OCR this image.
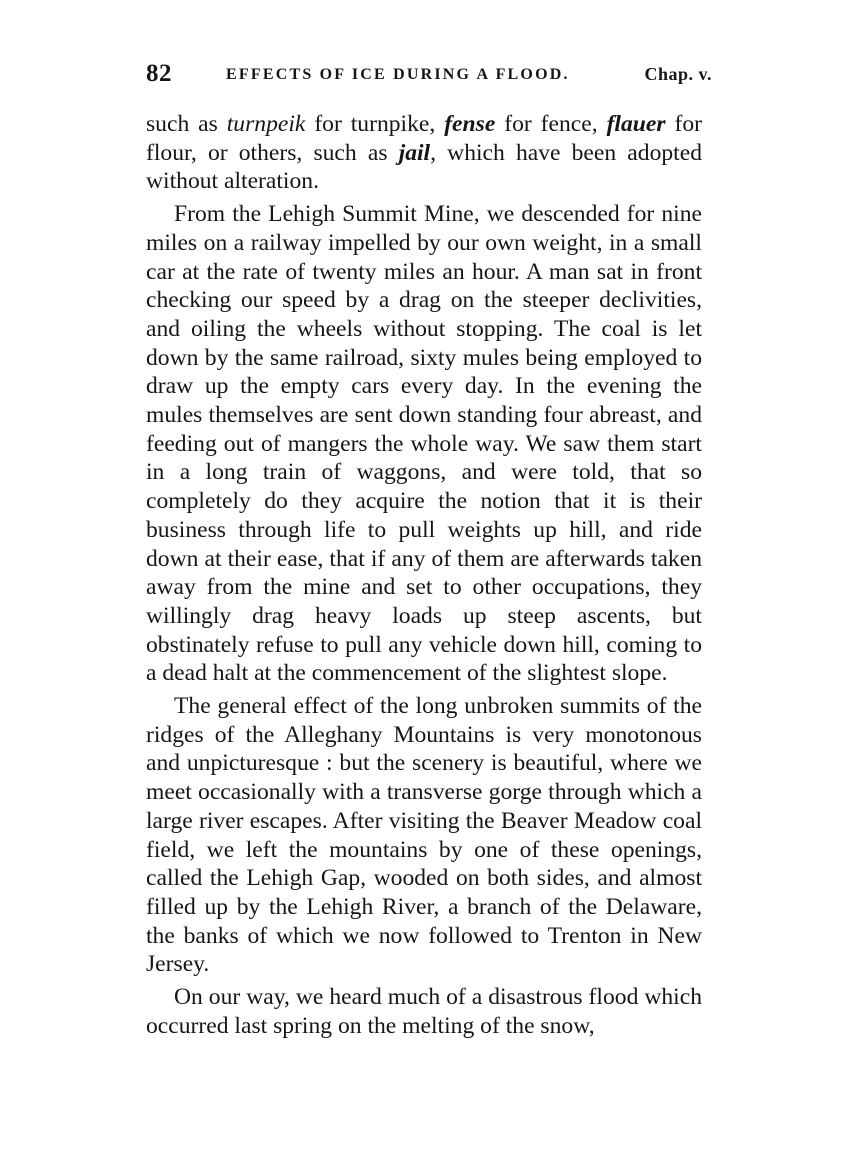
82	EFFECTS OF ICE DURING A FLOOD.	Chap. v.

such as turnpeik for turnpike, fense for fence, flauer for flour, or others, such as jail, which have been adopted without alteration.

From the Lehigh Summit Mine, we descended for nine miles on a railway impelled by our own weight, in a small car at the rate of twenty miles an hour. A man sat in front checking our speed by a drag on the steeper declivities, and oiling the wheels without stopping. The coal is let down by the same railroad, sixty mules being employed to draw up the empty cars every day. In the evening the mules themselves are sent down standing four abreast, and feeding out of mangers the whole way. We saw them start in a long train of waggons, and were told, that so completely do they acquire the notion that it is their business through life to pull weights up hill, and ride down at their ease, that if any of them are afterwards taken away from the mine and set to other occupations, they willingly drag heavy loads up steep ascents, but obstinately refuse to pull any vehicle down hill, coming to a dead halt at the commencement of the slightest slope.

The general effect of the long unbroken summits of the ridges of the Alleghany Mountains is very monotonous and unpicturesque : but the scenery is beautiful, where we meet occasionally with a transverse gorge through which a large river escapes. After visiting the Beaver Meadow coal field, we left the mountains by one of these openings, called the Lehigh Gap, wooded on both sides, and almost filled up by the Lehigh River, a branch of the Delaware, the banks of which we now followed to Trenton in New Jersey.

On our way, we heard much of a disastrous flood which occurred last spring on the melting of the snow,
